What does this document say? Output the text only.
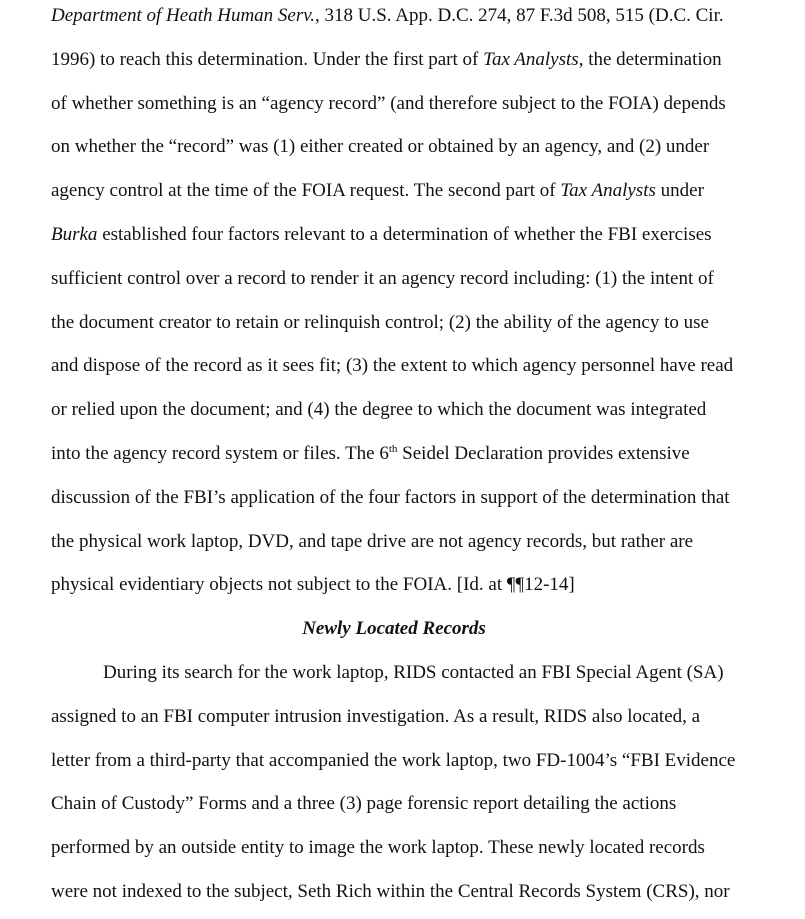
Department of Heath Human Serv., 318 U.S. App. D.C. 274, 87 F.3d 508, 515 (D.C. Cir.
1996) to reach this determination. Under the first part of Tax Analysts, the determination
of whether something is an “agency record” (and therefore subject to the FOIA) depends
on whether the “record” was (1) either created or obtained by an agency, and (2) under
agency control at the time of the FOIA request. The second part of Tax Analysts under
Burka established four factors relevant to a determination of whether the FBI exercises
sufficient control over a record to render it an agency record including: (1) the intent of
the document creator to retain or relinquish control; (2) the ability of the agency to use
and dispose of the record as it sees fit; (3) the extent to which agency personnel have read
or relied upon the document; and (4) the degree to which the document was integrated
into the agency record system or files. The 6th Seidel Declaration provides extensive
discussion of the FBI’s application of the four factors in support of the determination that
the physical work laptop, DVD, and tape drive are not agency records, but rather are
physical evidentiary objects not subject to the FOIA. [Id. at ¶¶12-14]
Newly Located Records
During its search for the work laptop, RIDS contacted an FBI Special Agent (SA)
assigned to an FBI computer intrusion investigation. As a result, RIDS also located, a
letter from a third-party that accompanied the work laptop, two FD-1004’s “FBI Evidence
Chain of Custody” Forms and a three (3) page forensic report detailing the actions
performed by an outside entity to image the work laptop. These newly located records
were not indexed to the subject, Seth Rich within the Central Records System (CRS), nor
